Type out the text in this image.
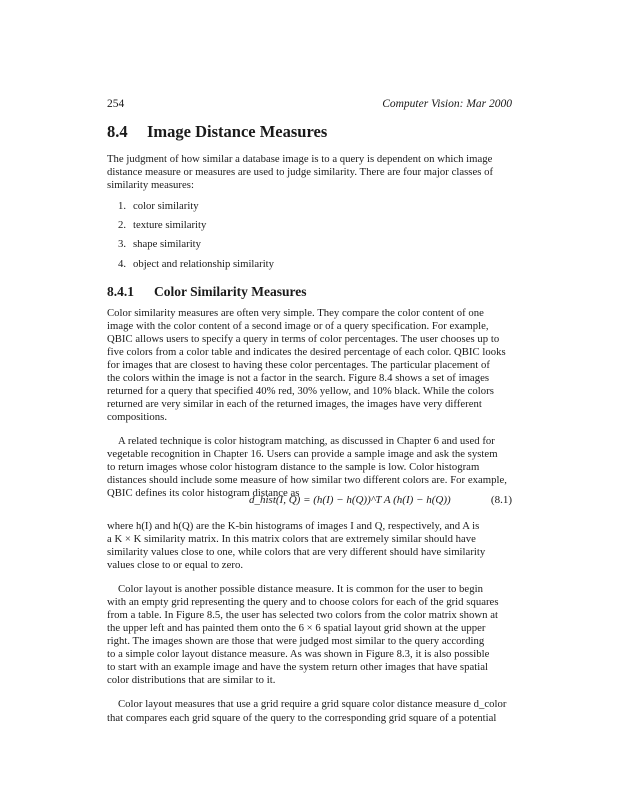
254	Computer Vision: Mar 2000
8.4 Image Distance Measures
The judgment of how similar a database image is to a query is dependent on which image
distance measure or measures are used to judge similarity. There are four major classes of
similarity measures:
1. color similarity
2. texture similarity
3. shape similarity
4. object and relationship similarity
8.4.1 Color Similarity Measures
Color similarity measures are often very simple. They compare the color content of one
image with the color content of a second image or of a query specification. For example,
QBIC allows users to specify a query in terms of color percentages. The user chooses up to
five colors from a color table and indicates the desired percentage of each color. QBIC looks
for images that are closest to having these color percentages. The particular placement of
the colors within the image is not a factor in the search. Figure 8.4 shows a set of images
returned for a query that specified 40% red, 30% yellow, and 10% black. While the colors
returned are very similar in each of the returned images, the images have very different
compositions.
A related technique is color histogram matching, as discussed in Chapter 6 and used for
vegetable recognition in Chapter 16. Users can provide a sample image and ask the system
to return images whose color histogram distance to the sample is low. Color histogram
distances should include some measure of how similar two different colors are. For example,
QBIC defines its color histogram distance as
d_hist(I, Q) = (h(I) − h(Q))^T A (h(I) − h(Q))	(8.1)
where h(I) and h(Q) are the K-bin histograms of images I and Q, respectively, and A is
a K × K similarity matrix. In this matrix colors that are extremely similar should have
similarity values close to one, while colors that are very different should have similarity
values close to or equal to zero.
Color layout is another possible distance measure. It is common for the user to begin
with an empty grid representing the query and to choose colors for each of the grid squares
from a table. In Figure 8.5, the user has selected two colors from the color matrix shown at
the upper left and has painted them onto the 6 × 6 spatial layout grid shown at the upper
right. The images shown are those that were judged most similar to the query according
to a simple color layout distance measure. As was shown in Figure 8.3, it is also possible
to start with an example image and have the system return other images that have spatial
color distributions that are similar to it.
Color layout measures that use a grid require a grid square color distance measure d_color
that compares each grid square of the query to the corresponding grid square of a potential
